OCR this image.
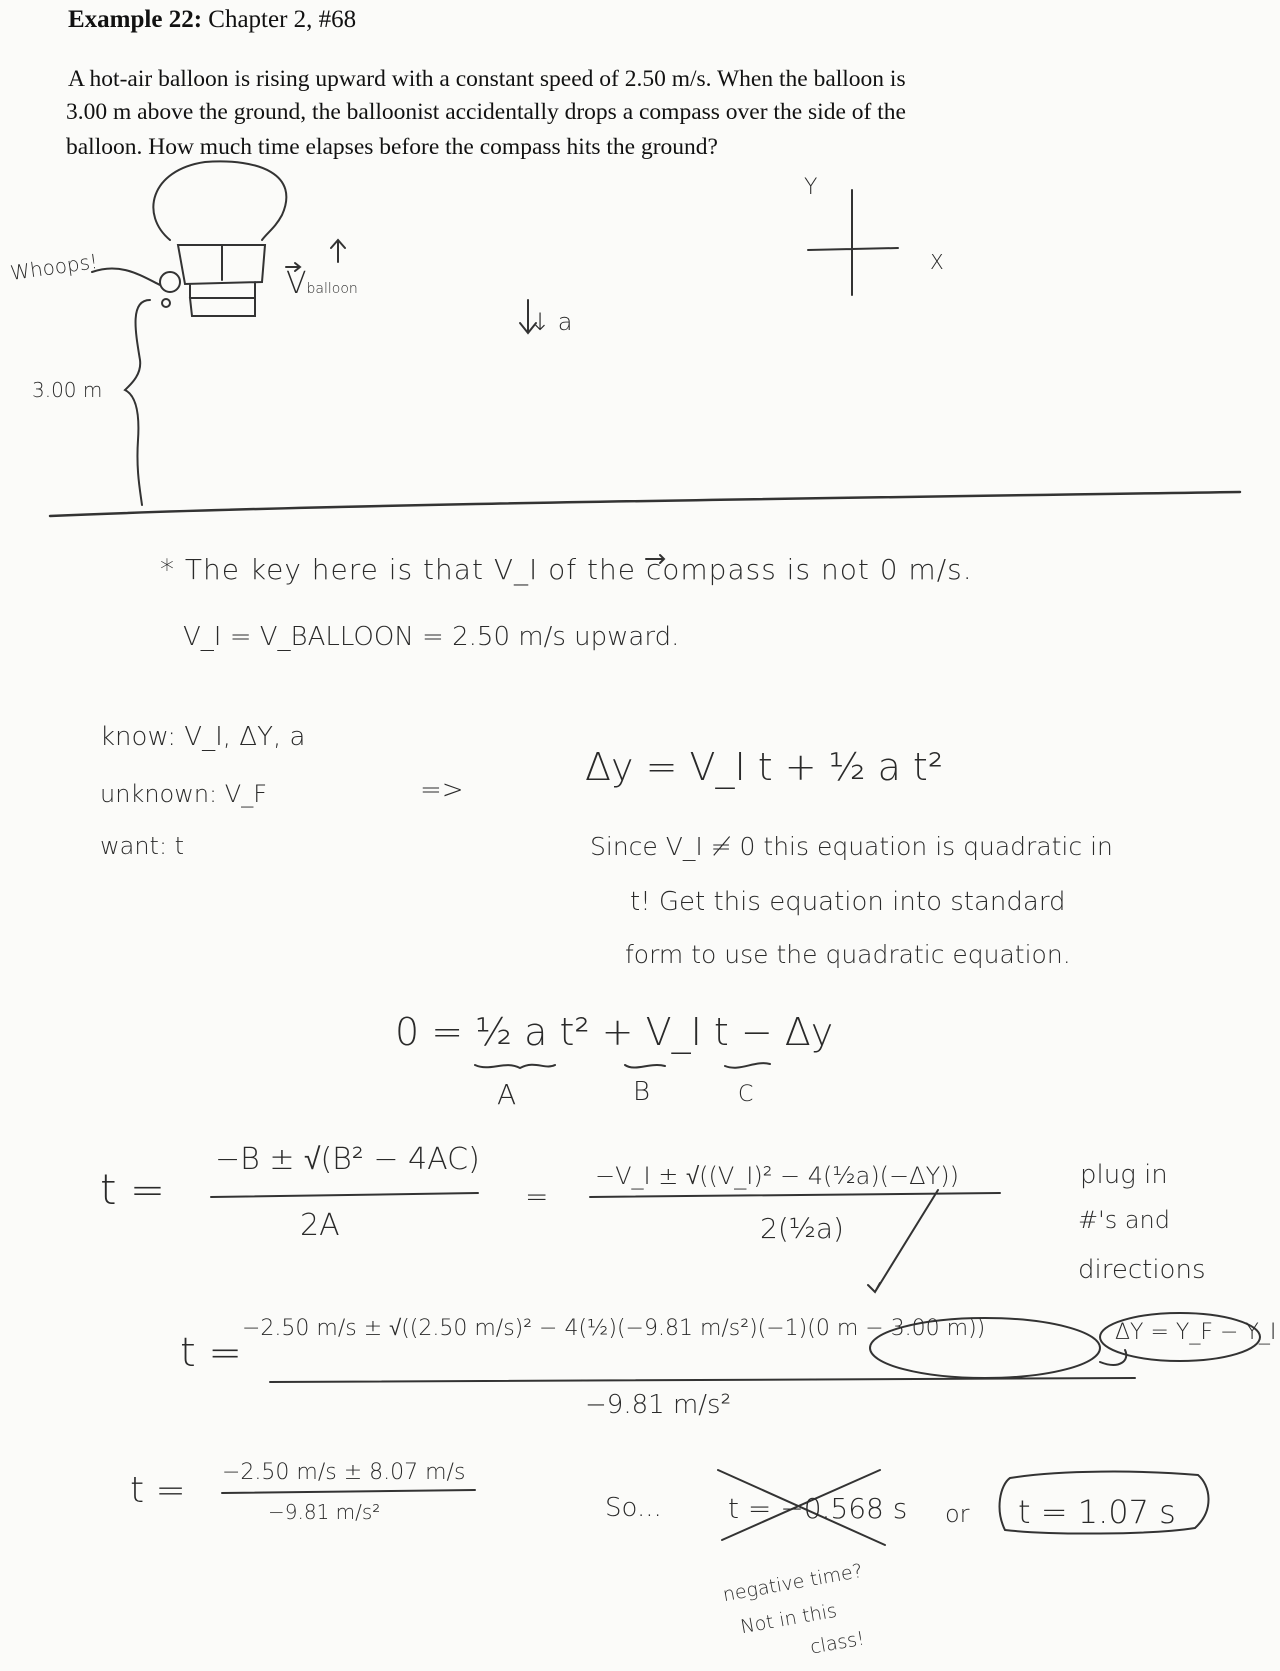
Example 22: Chapter 2, #68
A hot-air balloon is rising upward with a constant speed of 2.50 m/s. When the balloon is
3.00 m above the ground, the balloonist accidentally drops a compass over the side of the
balloon. How much time elapses before the compass hits the ground?
Whoops!
3.00 m
Vballoon
Y
X
↓ a
* The key here is that V_I of the compass is not 0 m/s.
V_I = V_BALLOON = 2.50 m/s upward.
know: V_I, ΔY, a
unknown: V_F
want: t
=>
Δy = V_I t + ½ a t²
Since V_I ≠ 0 this equation is quadratic in
t! Get this equation into standard
form to use the quadratic equation.
0 = ½ a t² + V_I t − Δy
A	B	C
t =
−B ± √(B² − 4AC)
2A
=
−V_I ± √((V_I)² − 4(½a)(−ΔY))
2(½a)
plug in
#'s and
directions
ΔY = Y_F − Y_I
t =
−2.50 m/s ± √((2.50 m/s)² − 4(½)(−9.81 m/s²)(−1)(0 m − 3.00 m))
−9.81 m/s²
t = −2.50 m/s ± 8.07 m/s
−9.81 m/s²	So... t = −0.568 s or t = 1.07 s
negative time?
Not in this
class!
